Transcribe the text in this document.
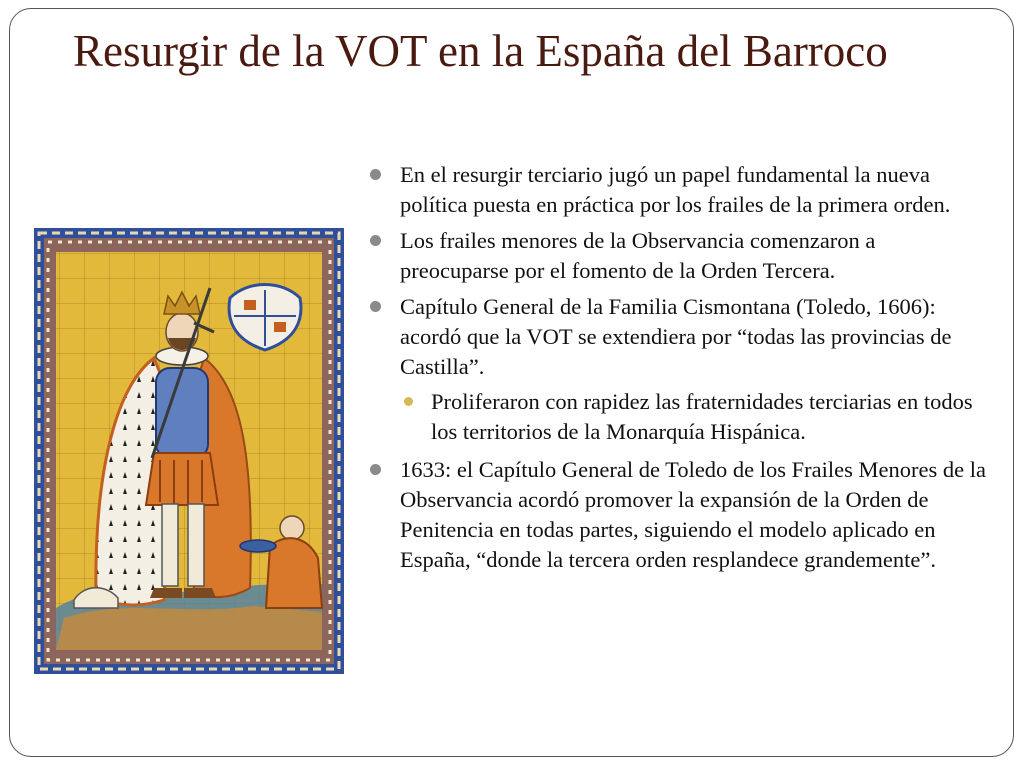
Resurgir de la VOT en la España del Barroco
En el resurgir terciario jugó un papel fundamental la nueva política puesta en práctica por los frailes de la primera orden.
Los frailes menores de la Observancia comenzaron a preocuparse por el fomento de la Orden Tercera.
Capítulo General de la Familia Cismontana (Toledo, 1606): acordó que la VOT se extendiera por “todas las provincias de Castilla”.
Proliferaron con rapidez las fraternidades terciarias en todos los territorios de la Monarquía Hispánica.
1633: el Capítulo General de Toledo de los Frailes Menores de la Observancia acordó promover la expansión de la Orden de Penitencia en todas partes, siguiendo el modelo aplicado en España, “donde la tercera orden resplandece grandemente”.
